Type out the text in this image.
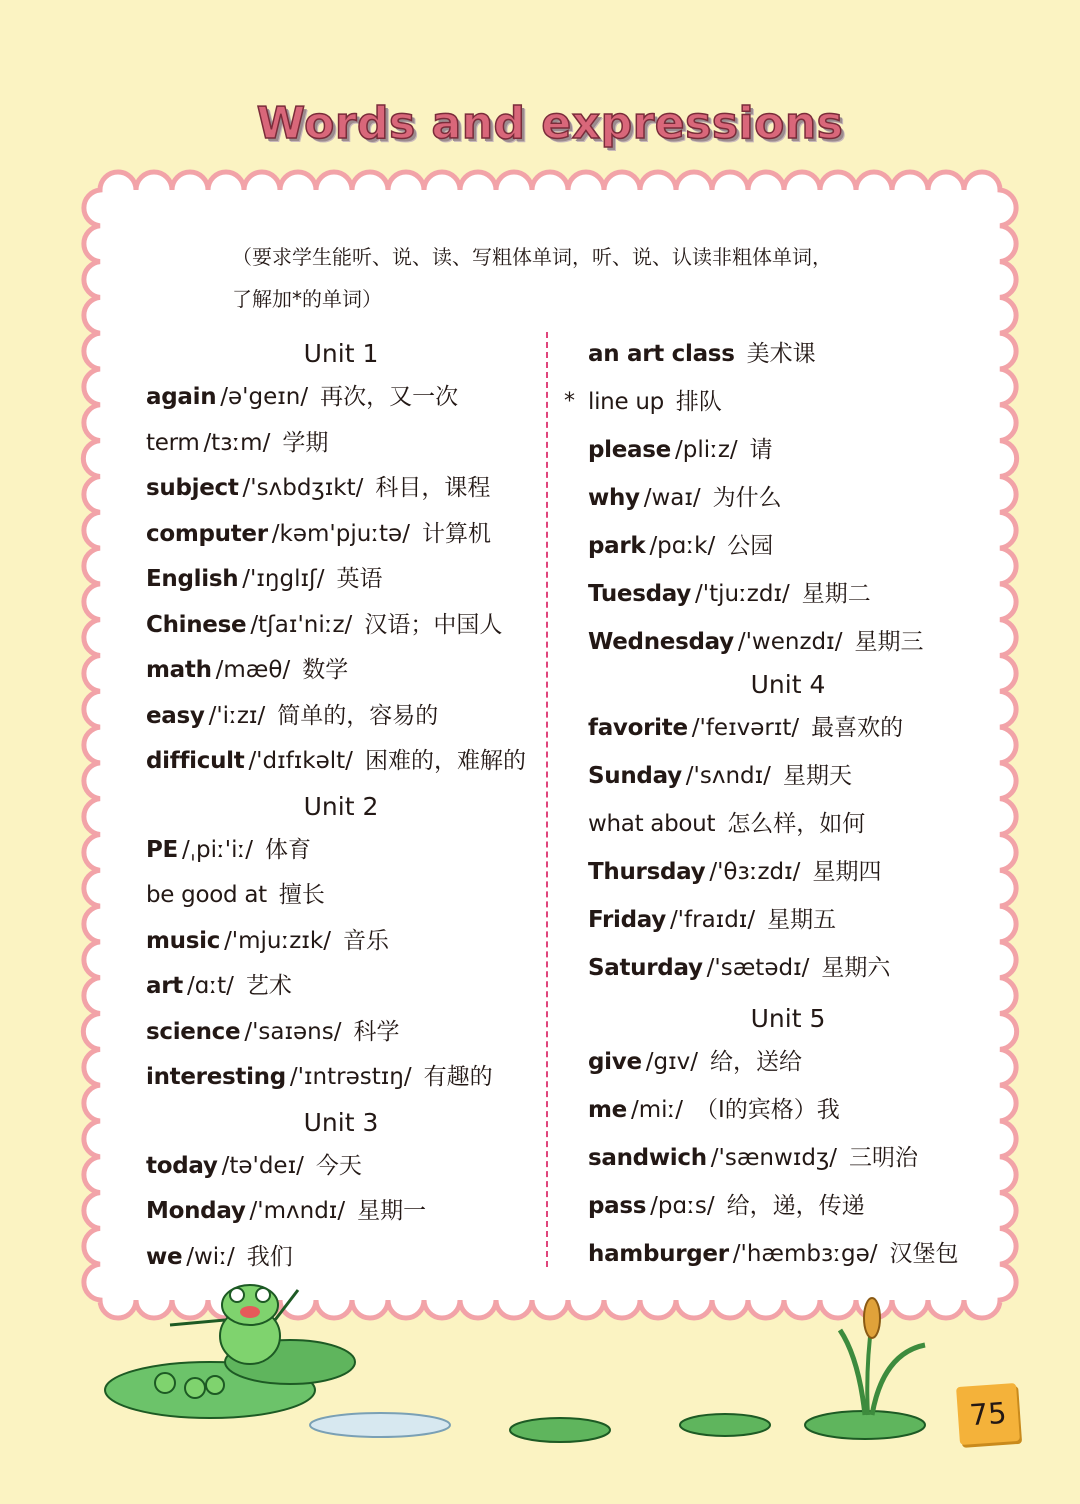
Words and expressions
（要求学生能听、说、读、写粗体单词，听、说、认读非粗体单词，
了解加*的单词）
Unit 1
again /ə'geɪn/ 再次，又一次
term /tɜːm/ 学期
subject /'sʌbdʒɪkt/ 科目，课程
computer /kəm'pjuːtə/ 计算机
English /'ɪŋglɪʃ/ 英语
Chinese /tʃaɪ'niːz/ 汉语；中国人
math /mæθ/ 数学
easy /'iːzɪ/ 简单的，容易的
difficult /'dɪfɪkəlt/ 困难的，难解的
Unit 2
PE /ˌpiː'iː/ 体育
be good at 擅长
music /'mjuːzɪk/ 音乐
art /ɑːt/ 艺术
science /'saɪəns/ 科学
interesting /'ɪntrəstɪŋ/ 有趣的
Unit 3
today /tə'deɪ/ 今天
Monday /'mʌndɪ/ 星期一
we /wiː/ 我们
an art class 美术课
* line up 排队
please /pliːz/ 请
why /waɪ/ 为什么
park /pɑːk/ 公园
Tuesday /'tjuːzdɪ/ 星期二
Wednesday /'wenzdɪ/ 星期三
Unit 4
favorite /'feɪvərɪt/ 最喜欢的
Sunday /'sʌndɪ/ 星期天
what about 怎么样，如何
Thursday /'θɜːzdɪ/ 星期四
Friday /'fraɪdɪ/ 星期五
Saturday /'sætədɪ/ 星期六
Unit 5
give /gɪv/ 给，送给
me /miː/ （I的宾格）我
sandwich /'sænwɪdʒ/ 三明治
pass /pɑːs/ 给，递，传递
hamburger /'hæmbɜːgə/ 汉堡包
75
